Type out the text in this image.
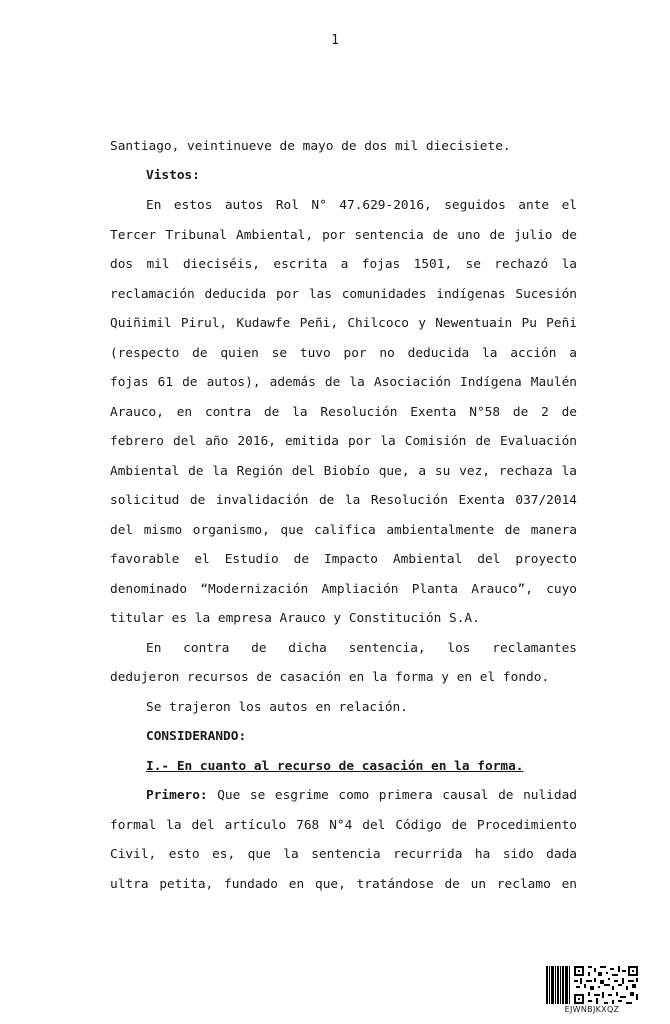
1
Santiago, veintinueve de mayo de dos mil diecisiete.
Vistos:
En estos autos Rol N° 47.629-2016, seguidos ante el
Tercer Tribunal Ambiental, por sentencia de uno de julio de
dos mil dieciséis, escrita a fojas 1501, se rechazó la
reclamación deducida por las comunidades indígenas Sucesión
Quiñimil Pirul, Kudawfe Peñi, Chilcoco y Newentuain Pu Peñi
(respecto de quien se tuvo por no deducida la acción a
fojas 61 de autos), además de la Asociación Indígena Maulén
Arauco, en contra de la Resolución Exenta N°58 de 2 de
febrero del año 2016, emitida por la Comisión de Evaluación
Ambiental de la Región del Biobío que, a su vez, rechaza la
solicitud de invalidación de la Resolución Exenta 037/2014
del mismo organismo, que califica ambientalmente de manera
favorable el Estudio de Impacto Ambiental del proyecto
denominado “Modernización Ampliación Planta Arauco”, cuyo
titular es la empresa Arauco y Constitución S.A.
En contra de dicha sentencia, los reclamantes
dedujeron recursos de casación en la forma y en el fondo.
Se trajeron los autos en relación.
CONSIDERANDO:
I.- En cuanto al recurso de casación en la forma.
Primero: Que se esgrime como primera causal de nulidad
formal la del artículo 768 N°4 del Código de Procedimiento
Civil, esto es, que la sentencia recurrida ha sido dada
ultra petita, fundado en que, tratándose de un reclamo en
EJWNBJKXQZ
